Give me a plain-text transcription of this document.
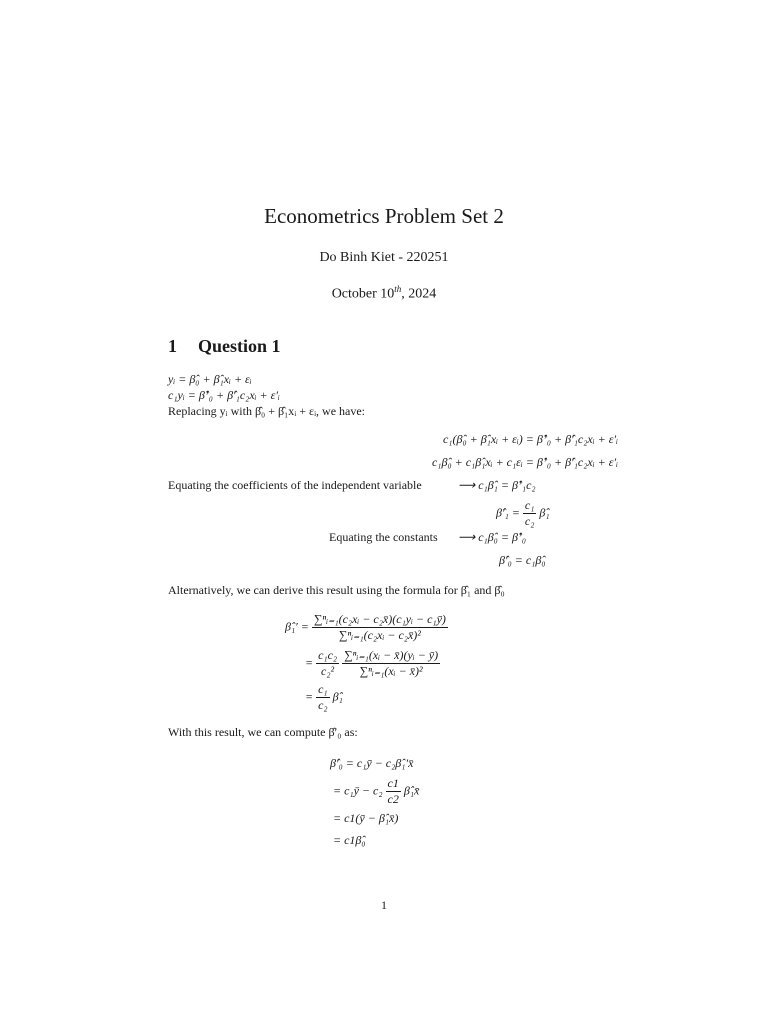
Econometrics Problem Set 2
Do Binh Kiet - 220251
October 10th, 2024
1 Question 1
yᵢ = β̂₀ + β̂₁xᵢ + εᵢ
c₁yᵢ = β̂’₀ + β̂′₁c₂xᵢ + ε′ᵢ
Replacing yᵢ with β̂₀ + β̂₁xᵢ + εᵢ, we have:
c₁(β̂₀ + β̂₁xᵢ + εᵢ) = β̂’₀ + β̂′₁c₂xᵢ + ε′ᵢ
c₁β̂₀ + c₁β̂₁xᵢ + c₁εᵢ = β̂’₀ + β̂′₁c₂xᵢ + ε′ᵢ
Equating the coefficients of the independent variable	⟶ c₁β̂₁ = β̂’₁c₂
β̂′₁ = $\frac{\text{c₁}}{\text{c₂}}$ β̂₁
Equating the constants ⟶ c₁β̂₀ = β̂’₀
β̂′₀ = c₁β̂₀
Alternatively, we can derive this result using the formula for β̂₁ and β̂₀
β̂₁′ = $\frac{\text{∑ⁿᵢ₌₁(c₂xᵢ − c₂x̄)(c₁yᵢ − c₁ȳ)}}{\text{∑ⁿᵢ₌₁(c₂xᵢ − c₂x̄)²}}$
= $\frac{\text{c₁c₂}}{\text{c₂²}}$
$\frac{\text{∑ⁿᵢ₌₁(xᵢ − x̄)(yᵢ − ȳ)}}{\text{∑ⁿᵢ₌₁(xᵢ − x̄)²}}$
= $\frac{\text{c₁}}{\text{c₂}}$ β̂₁
With this result, we can compute β̂′₀ as:
β̂′₀ = c₁ȳ − c₂β̂₁′x̄
= c₁ȳ − $c_2 \frac{c1}{c2}$ β̂₁x̄
= c1(ȳ − β̂₁x̄)
= c1β̂₀
1
